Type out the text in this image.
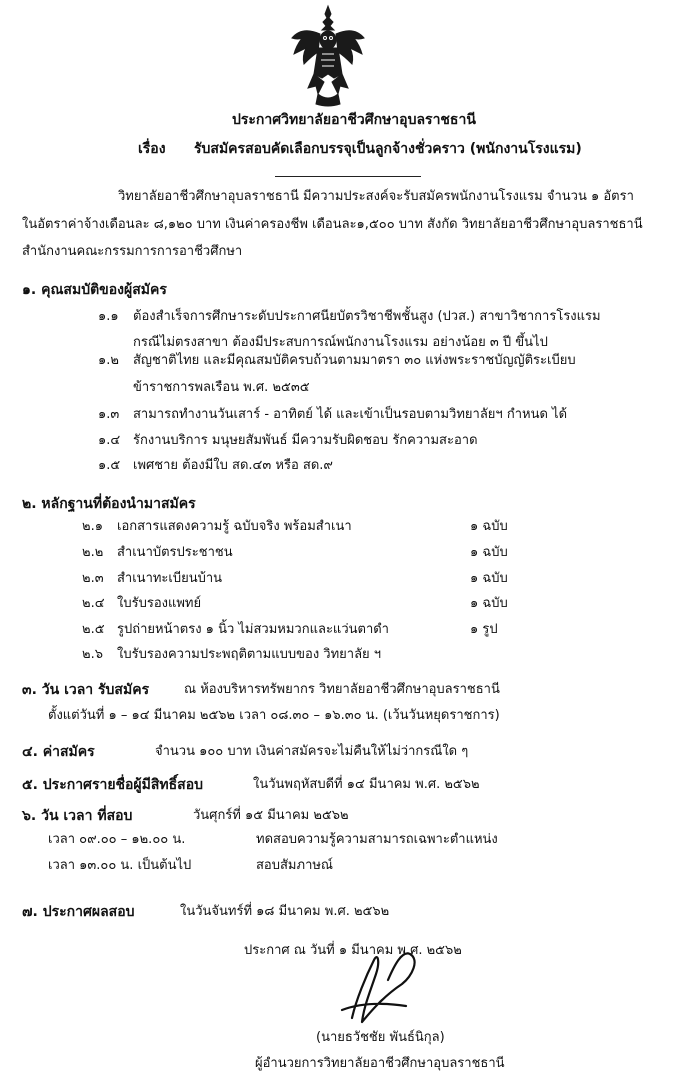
ประกาศวิทยาลัยอาชีวศึกษาอุบลราชธานี
เรื่อง รับสมัครสอบคัดเลือกบรรจุเป็นลูกจ้างชั่วคราว (พนักงานโรงแรม)
วิทยาลัยอาชีวศึกษาอุบลราชธานี มีความประสงค์จะรับสมัครพนักงานโรงแรม จำนวน ๑ อัตรา
ในอัตราค่าจ้างเดือนละ ๘,๑๒๐ บาท เงินค่าครองชีพ เดือนละ๑,๕๐๐ บาท สังกัด วิทยาลัยอาชีวศึกษาอุบลราชธานี
สำนักงานคณะกรรมการการอาชีวศึกษา
๑. คุณสมบัติของผู้สมัคร
๑.๑ ต้องสำเร็จการศึกษาระดับประกาศนียบัตรวิชาชีพชั้นสูง (ปวส.) สาขาวิชาการโรงแรม
กรณีไม่ตรงสาขา ต้องมีประสบการณ์พนักงานโรงแรม อย่างน้อย ๓ ปี ขึ้นไป
๑.๒ สัญชาติไทย และมีคุณสมบัติครบถ้วนตามมาตรา ๓๐ แห่งพระราชบัญญัติระเบียบ
ข้าราชการพลเรือน พ.ศ. ๒๕๓๕
๑.๓ สามารถทำงานวันเสาร์ - อาทิตย์ ได้ และเข้าเป็นรอบตามวิทยาลัยฯ กำหนด ได้
๑.๔ รักงานบริการ มนุษยสัมพันธ์ มีความรับผิดชอบ รักความสะอาด
๑.๕ เพศชาย ต้องมีใบ สด.๔๓ หรือ สด.๙
๒. หลักฐานที่ต้องนำมาสมัคร
๒.๑ เอกสารแสดงความรู้ ฉบับจริง พร้อมสำเนา	๑ ฉบับ
๒.๒ สำเนาบัตรประชาชน	๑ ฉบับ
๒.๓ สำเนาทะเบียนบ้าน	๑ ฉบับ
๒.๔ ใบรับรองแพทย์	๑ ฉบับ
๒.๕ รูปถ่ายหน้าตรง ๑ นิ้ว ไม่สวมหมวกและแว่นตาดำ	๑ รูป
๒.๖ ใบรับรองความประพฤติตามแบบของ วิทยาลัย ฯ
๓. วัน เวลา รับสมัคร	ณ ห้องบริหารทรัพยากร วิทยาลัยอาชีวศึกษาอุบลราชธานี
ตั้งแต่วันที่ ๑ – ๑๔ มีนาคม ๒๕๖๒ เวลา ๐๘.๓๐ – ๑๖.๓๐ น. (เว้นวันหยุดราชการ)
๔. ค่าสมัคร	จำนวน ๑๐๐ บาท เงินค่าสมัครจะไม่คืนให้ไม่ว่ากรณีใด ๆ
๕. ประกาศรายชื่อผู้มีสิทธิ์สอบ	ในวันพฤหัสบดีที่ ๑๔ มีนาคม พ.ศ. ๒๕๖๒
๖. วัน เวลา ที่สอบ	วันศุกร์ที่ ๑๕ มีนาคม ๒๕๖๒
เวลา ๐๙.๐๐ – ๑๒.๐๐ น.	ทดสอบความรู้ความสามารถเฉพาะตำแหน่ง
เวลา ๑๓.๐๐ น. เป็นต้นไป	สอบสัมภาษณ์
๗. ประกาศผลสอบ	ในวันจันทร์ที่ ๑๘ มีนาคม พ.ศ. ๒๕๖๒
ประกาศ ณ วันที่ ๑ มีนาคม พ.ศ. ๒๕๖๒
(นายธวัชชัย พันธ์นิกุล)
ผู้อำนวยการวิทยาลัยอาชีวศึกษาอุบลราชธานี
